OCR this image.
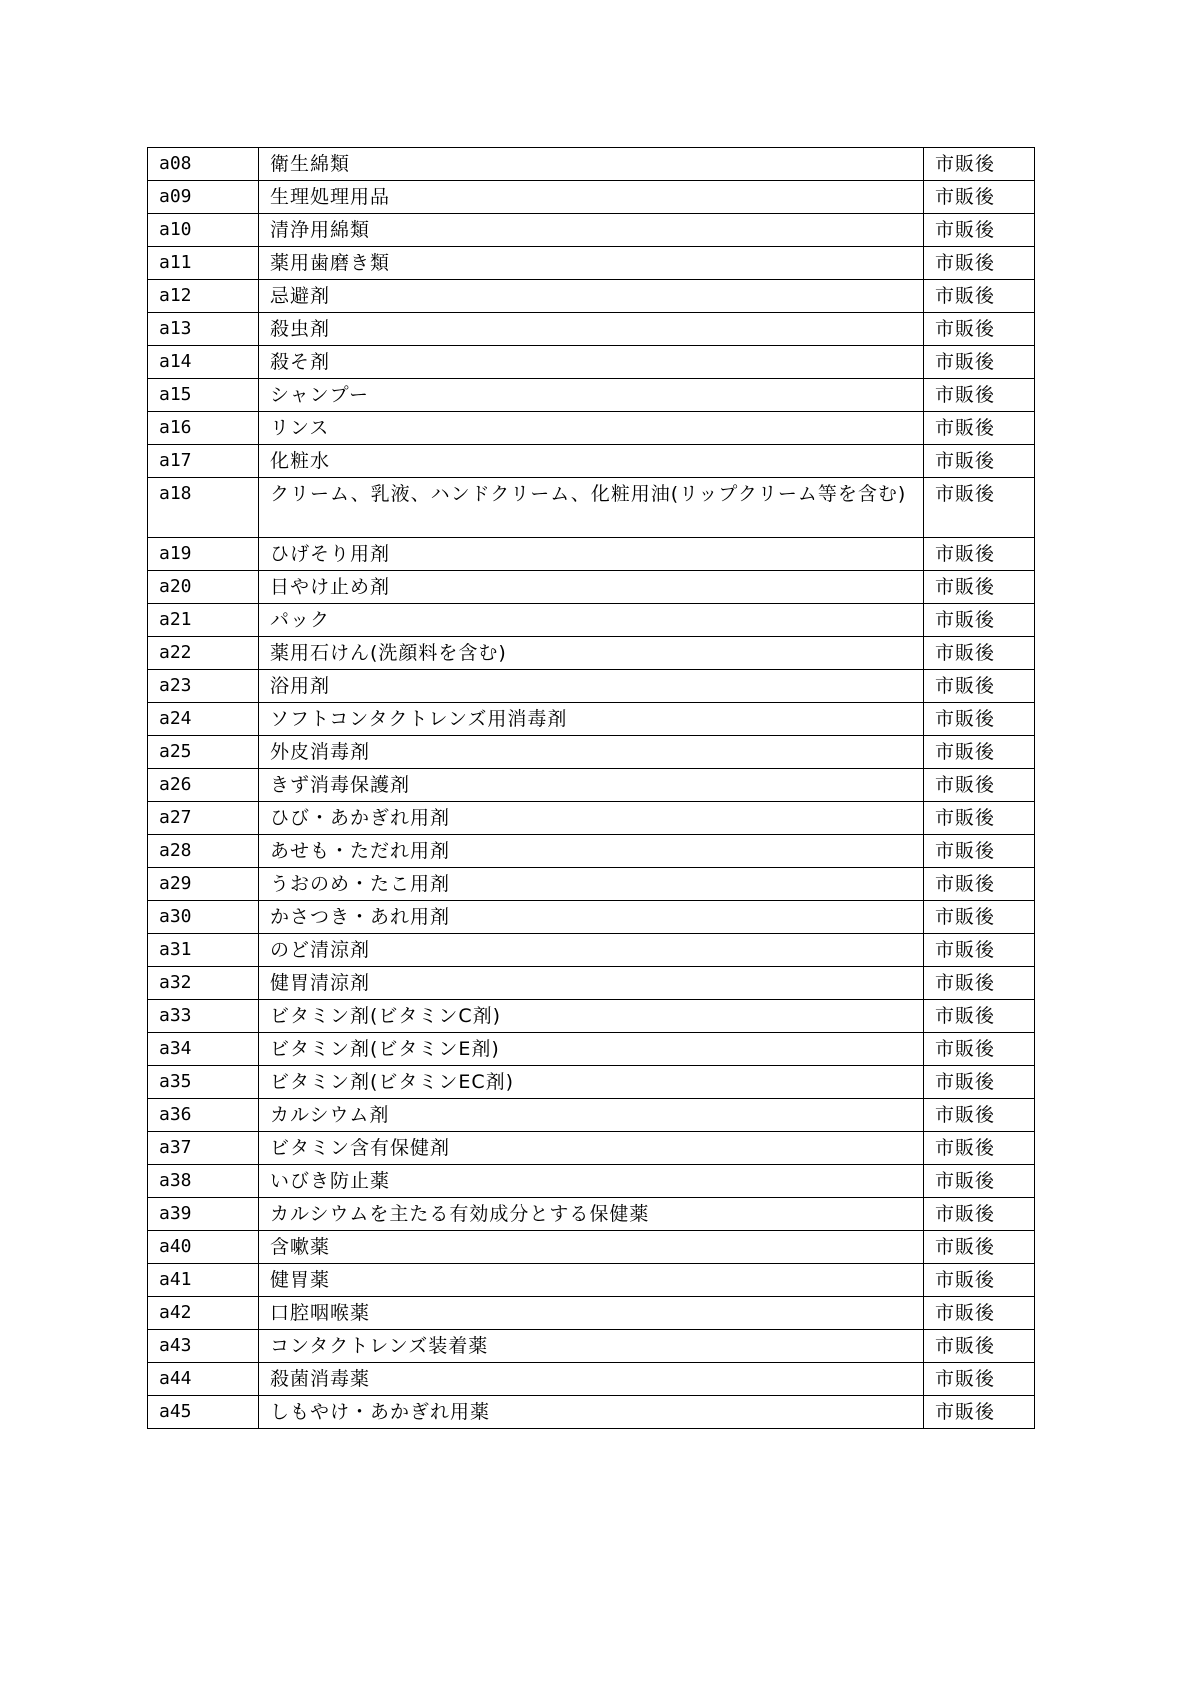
a08	衛生綿類	市販後
a09	生理処理用品	市販後
a10	清浄用綿類	市販後
a11	薬用歯磨き類	市販後
a12	忌避剤	市販後
a13	殺虫剤	市販後
a14	殺そ剤	市販後
a15	シャンプー	市販後
a16	リンス	市販後
a17	化粧水	市販後
a18	クリーム、乳液、ハンドクリーム、化粧用油(リップクリーム等を含む)	市販後
a19	ひげそり用剤	市販後
a20	日やけ止め剤	市販後
a21	パック	市販後
a22	薬用石けん(洗顔料を含む)	市販後
a23	浴用剤	市販後
a24	ソフトコンタクトレンズ用消毒剤	市販後
a25	外皮消毒剤	市販後
a26	きず消毒保護剤	市販後
a27	ひび・あかぎれ用剤	市販後
a28	あせも・ただれ用剤	市販後
a29	うおのめ・たこ用剤	市販後
a30	かさつき・あれ用剤	市販後
a31	のど清涼剤	市販後
a32	健胃清涼剤	市販後
a33	ビタミン剤(ビタミンC剤)	市販後
a34	ビタミン剤(ビタミンE剤)	市販後
a35	ビタミン剤(ビタミンEC剤)	市販後
a36	カルシウム剤	市販後
a37	ビタミン含有保健剤	市販後
a38	いびき防止薬	市販後
a39	カルシウムを主たる有効成分とする保健薬	市販後
a40	含嗽薬	市販後
a41	健胃薬	市販後
a42	口腔咽喉薬	市販後
a43	コンタクトレンズ装着薬	市販後
a44	殺菌消毒薬	市販後
a45	しもやけ・あかぎれ用薬	市販後
